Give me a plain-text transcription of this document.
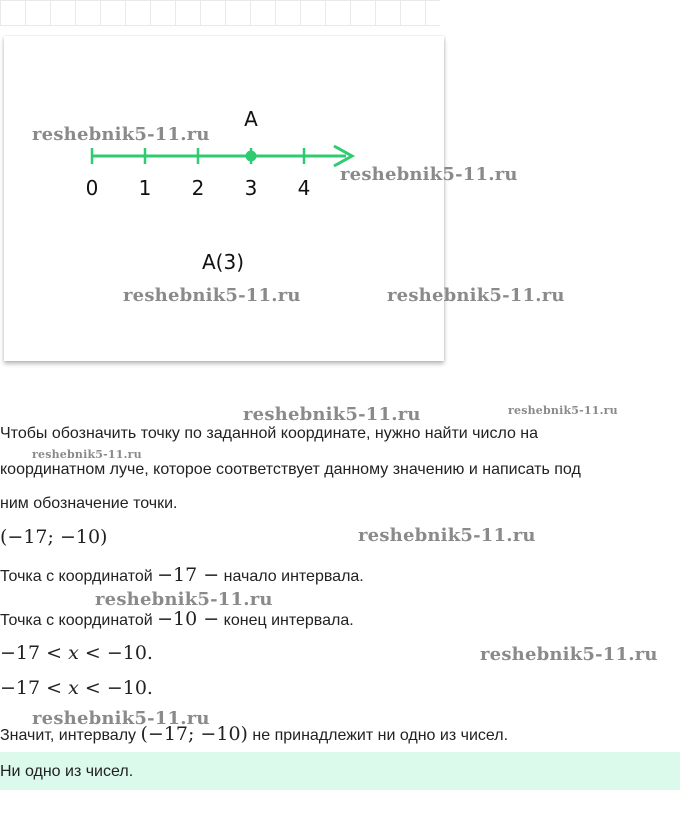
A
0 1 2 3 4
A(3)
reshebnik5-11.ru
reshebnik5-11.ru
reshebnik5-11.ru	reshebnik5-11.ru
reshebnik5-11.ru	reshebnik5-11.ru
reshebnik5-11.ru
reshebnik5-11.ru
reshebnik5-11.ru
reshebnik5-11.ru
reshebnik5-11.ru
Чтобы обозначить точку по заданной координате, нужно найти число на
координатном луче, которое соответствует данному значению и написать под
ним обозначение точки.
(−17; −10)
Точка с координатой −17 − начало интервала.
Точка с координатой −10 − конец интервала.
−17 < x < −10.
−17 < x < −10.
Значит, интервалу (−17; −10) не принадлежит ни одно из чисел.
Ни одно из чисел.
